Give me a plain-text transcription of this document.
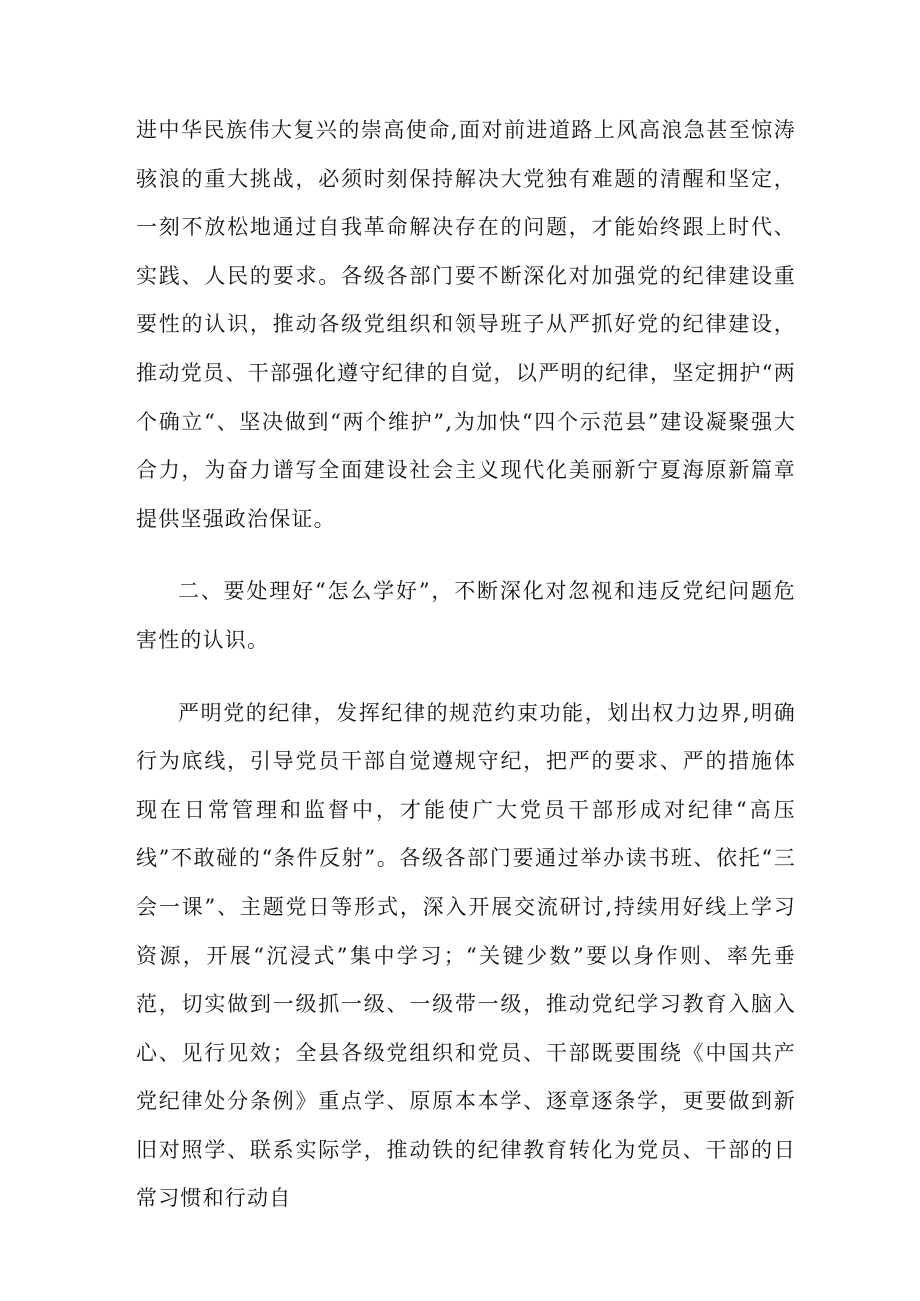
进中华民族伟大复兴的崇高使命,面对前进道路上风高浪急甚至惊涛骇浪的重大挑战，必须时刻保持解决大党独有难题的清醒和坚定，一刻不放松地通过自我革命解决存在的问题，才能始终跟上时代、实践、人民的要求。各级各部门要不断深化对加强党的纪律建设重要性的认识，推动各级党组织和领导班子从严抓好党的纪律建设，推动党员、干部强化遵守纪律的自觉，以严明的纪律，坚定拥护“两个确立“、坚决做到“两个维护”,为加快“四个示范县”建设凝聚强大合力，为奋力谱写全面建设社会主义现代化美丽新宁夏海原新篇章提供坚强政治保证。

二、要处理好“怎么学好”，不断深化对忽视和违反党纪问题危害性的认识。

严明党的纪律，发挥纪律的规范约束功能，划出权力边界,明确行为底线，引导党员干部自觉遵规守纪，把严的要求、严的措施体现在日常管理和监督中，才能使广大党员干部形成对纪律“高压线”不敢碰的“条件反射”。各级各部门要通过举办读书班、依托“三会一课”、主题党日等形式，深入开展交流研讨,持续用好线上学习资源，开展“沉浸式”集中学习；“关键少数”要以身作则、率先垂范，切实做到一级抓一级、一级带一级，推动党纪学习教育入脑入心、见行见效；全县各级党组织和党员、干部既要围绕《中国共产党纪律处分条例》重点学、原原本本学、逐章逐条学，更要做到新旧对照学、联系实际学，推动铁的纪律教育转化为党员、干部的日常习惯和行动自
